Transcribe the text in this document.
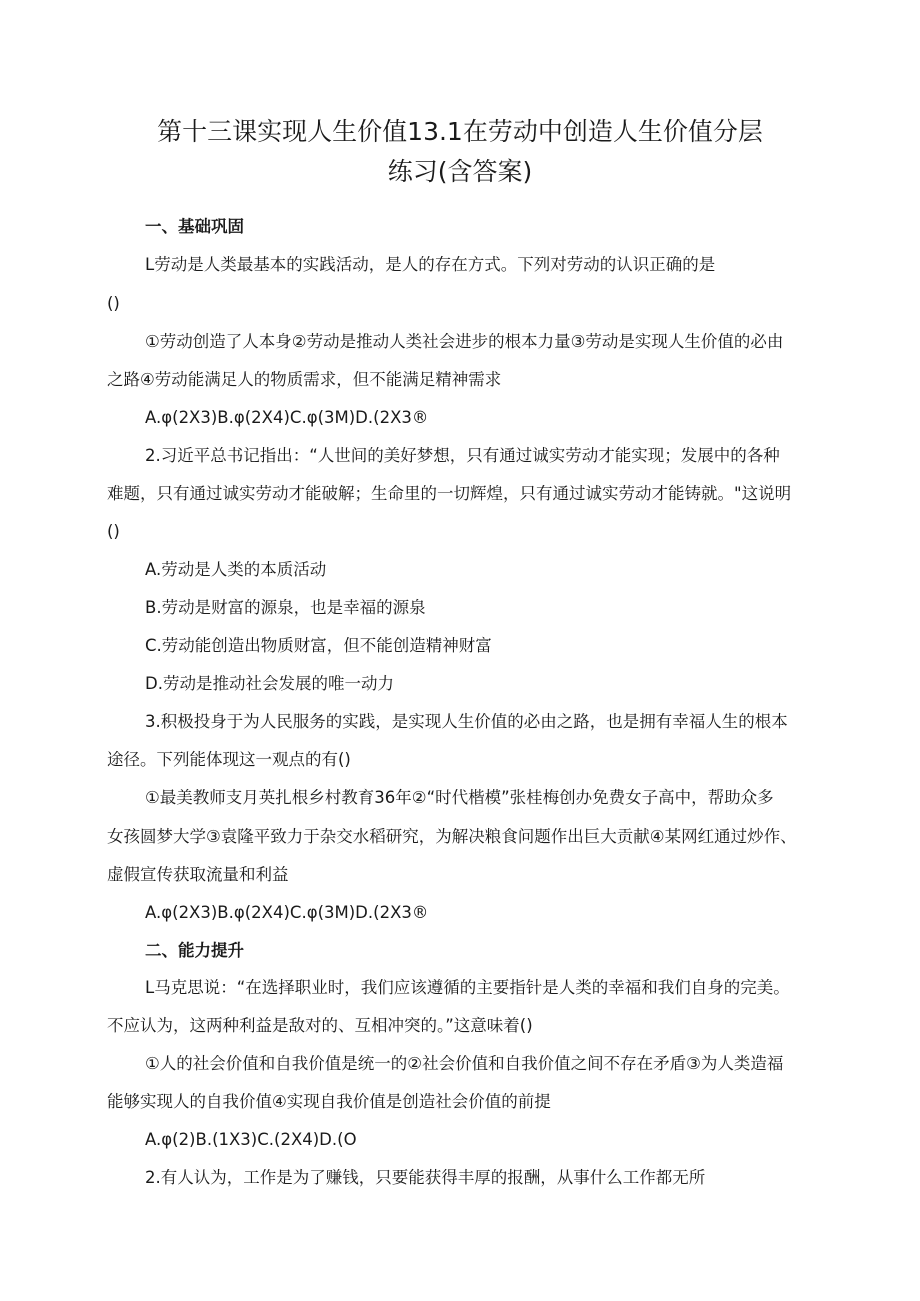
第十三课实现人生价值13.1在劳动中创造人生价值分层
练习(含答案)
一、基础巩固
L劳动是人类最基本的实践活动，是人的存在方式。下列对劳动的认识正确的是
()
①劳动创造了人本身②劳动是推动人类社会进步的根本力量③劳动是实现人生价值的必由
之路④劳动能满足人的物质需求，但不能满足精神需求
A.φ(2X3)B.φ(2X4)C.φ(3M)D.(2X3®
2.习近平总书记指出：“人世间的美好梦想，只有通过诚实劳动才能实现；发展中的各种
难题，只有通过诚实劳动才能破解；生命里的一切辉煌，只有通过诚实劳动才能铸就。"这说明
()
A.劳动是人类的本质活动
B.劳动是财富的源泉，也是幸福的源泉
C.劳动能创造出物质财富，但不能创造精神财富
D.劳动是推动社会发展的唯一动力
3.积极投身于为人民服务的实践，是实现人生价值的必由之路，也是拥有幸福人生的根本
途径。下列能体现这一观点的有()
①最美教师支月英扎根乡村教育36年②“时代楷模”张桂梅创办免费女子高中，帮助众多
女孩圆梦大学③袁隆平致力于杂交水稻研究，为解决粮食问题作出巨大贡献④某网红通过炒作、
虚假宣传获取流量和利益
A.φ(2X3)B.φ(2X4)C.φ(3M)D.(2X3®
二、能力提升
L马克思说：“在选择职业时，我们应该遵循的主要指针是人类的幸福和我们自身的完美。
不应认为，这两种利益是敌对的、互相冲突的。”这意味着()
①人的社会价值和自我价值是统一的②社会价值和自我价值之间不存在矛盾③为人类造福
能够实现人的自我价值④实现自我价值是创造社会价值的前提
A.φ(2)B.(1X3)C.(2X4)D.(O
2.有人认为，工作是为了赚钱，只要能获得丰厚的报酬，从事什么工作都无所
